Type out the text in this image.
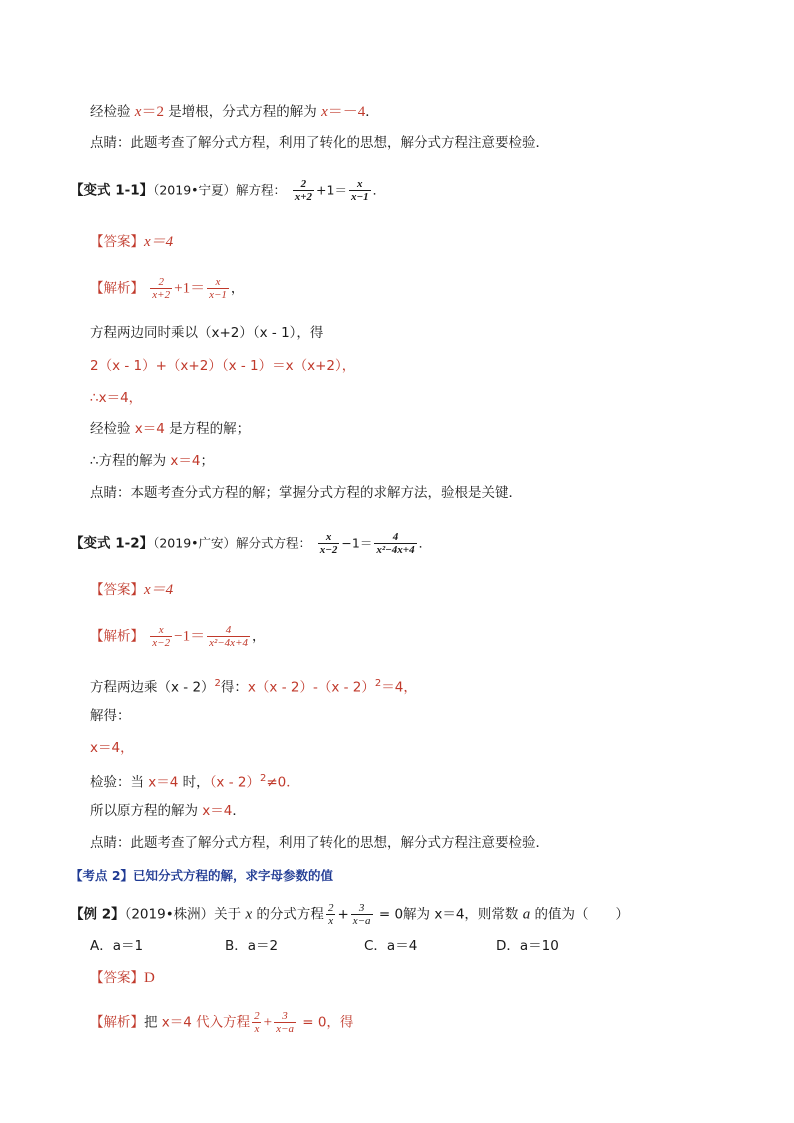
经检验 x＝2 是增根，分式方程的解为 x＝－4．
点睛：此题考查了解分式方程，利用了转化的思想，解分式方程注意要检验．
【变式 1-1】（2019•宁夏）解方程： $\frac{2}{x+2} +1= \frac{x}{x-1}$ ．
【答案】x＝4
【解析】 $\frac{2}{x+2} +1= \frac{x}{x-1}$ ，
方程两边同时乘以（x+2）（x - 1），得
2（x - 1）+（x+2）（x - 1）＝x（x+2），
∴x＝4，
经检验 x＝4 是方程的解；
∴方程的解为 x＝4；
点睛：本题考查分式方程的解；掌握分式方程的求解方法，验根是关键．
【变式 1-2】（2019•广安）解分式方程： $\frac{x}{x-2} -1= \frac{4}{\text{x²−4x+4}}$ ．
【答案】x＝4
【解析】 $\frac{x}{x-2} -1= \frac{4}{\text{x²−4x+4}}$ ，
方程两边乘（x - 2）$^2$得：x（x - 2）-（x - 2）$^2$＝4，
解得：
x＝4，
检验：当 x＝4 时，（x - 2）$^2$≠0．
所以原方程的解为 x＝4．
点睛：此题考查了解分式方程，利用了转化的思想，解分式方程注意要检验．
【考点 2】已知分式方程的解，求字母参数的值
【例 2】（2019•株洲）关于 x 的分式方程 $\frac{2}{x} + \frac{3}{x-a} = 0$解为 x＝4，则常数 a 的值为（　　）
A．a＝1	B．a＝2	C．a＝4	D．a＝10
【答案】D
【解析】把 x＝4 代入方程 $\frac{2}{x} + \frac{3}{x-a} = 0$，得
